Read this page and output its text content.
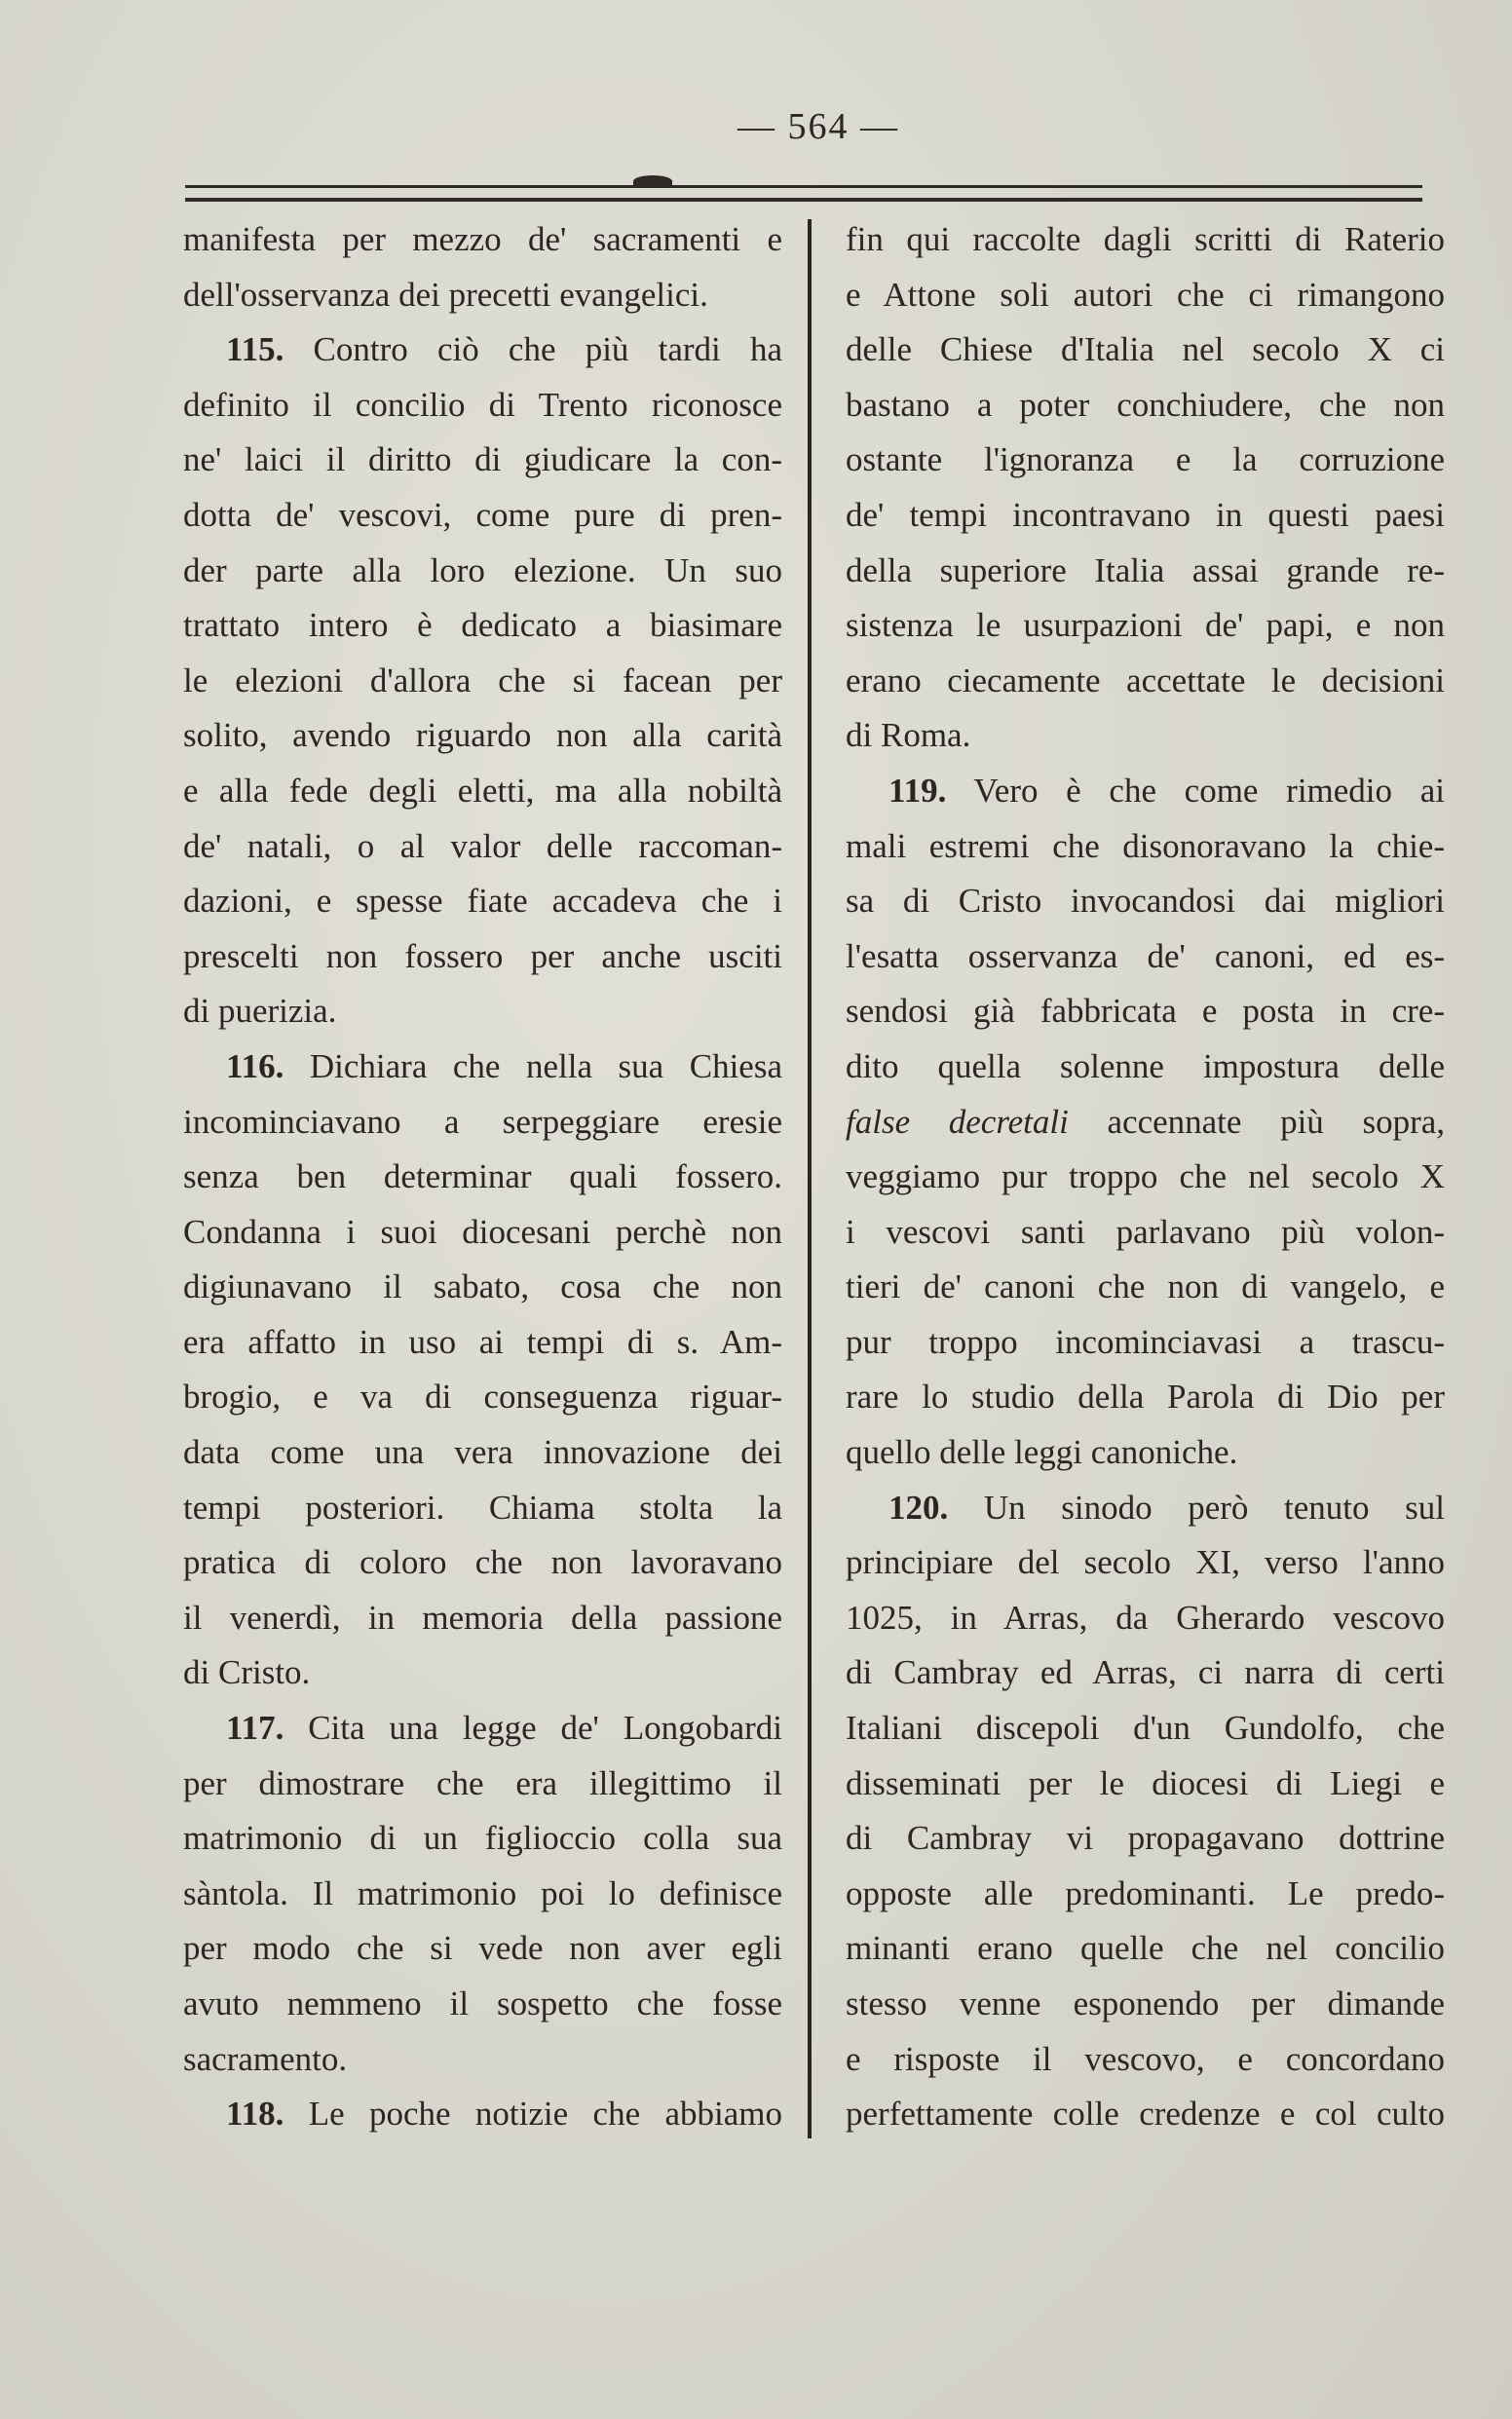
— 564 —
manifesta per mezzo de' sacramenti e
dell'osservanza dei precetti evangelici.
115. Contro ciò che più tardi ha
definito il concilio di Trento riconosce
ne' laici il diritto di giudicare la con-
dotta de' vescovi, come pure di pren-
der parte alla loro elezione. Un suo
trattato intero è dedicato a biasimare
le elezioni d'allora che si facean per
solito, avendo riguardo non alla carità
e alla fede degli eletti, ma alla nobiltà
de' natali, o al valor delle raccoman-
dazioni, e spesse fiate accadeva che i
prescelti non fossero per anche usciti
di puerizia.
116. Dichiara che nella sua Chiesa
incominciavano a serpeggiare eresie
senza ben determinar quali fossero.
Condanna i suoi diocesani perchè non
digiunavano il sabato, cosa che non
era affatto in uso ai tempi di s. Am-
brogio, e va di conseguenza riguar-
data come una vera innovazione dei
tempi posteriori. Chiama stolta la
pratica di coloro che non lavoravano
il venerdì, in memoria della passione
di Cristo.
117. Cita una legge de' Longobardi
per dimostrare che era illegittimo il
matrimonio di un figlioccio colla sua
sàntola. Il matrimonio poi lo definisce
per modo che si vede non aver egli
avuto nemmeno il sospetto che fosse
sacramento.
118. Le poche notizie che abbiamo
fin qui raccolte dagli scritti di Raterio
e Attone soli autori che ci rimangono
delle Chiese d'Italia nel secolo X ci
bastano a poter conchiudere, che non
ostante l'ignoranza e la corruzione
de' tempi incontravano in questi paesi
della superiore Italia assai grande re-
sistenza le usurpazioni de' papi, e non
erano ciecamente accettate le decisioni
di Roma.
119. Vero è che come rimedio ai
mali estremi che disonoravano la chie-
sa di Cristo invocandosi dai migliori
l'esatta osservanza de' canoni, ed es-
sendosi già fabbricata e posta in cre-
dito quella solenne impostura delle
false decretali accennate più sopra,
veggiamo pur troppo che nel secolo X
i vescovi santi parlavano più volon-
tieri de' canoni che non di vangelo, e
pur troppo incominciavasi a trascu-
rare lo studio della Parola di Dio per
quello delle leggi canoniche.
120. Un sinodo però tenuto sul
principiare del secolo XI, verso l'anno
1025, in Arras, da Gherardo vescovo
di Cambray ed Arras, ci narra di certi
Italiani discepoli d'un Gundolfo, che
disseminati per le diocesi di Liegi e
di Cambray vi propagavano dottrine
opposte alle predominanti. Le predo-
minanti erano quelle che nel concilio
stesso venne esponendo per dimande
e risposte il vescovo, e concordano
perfettamente colle credenze e col culto
